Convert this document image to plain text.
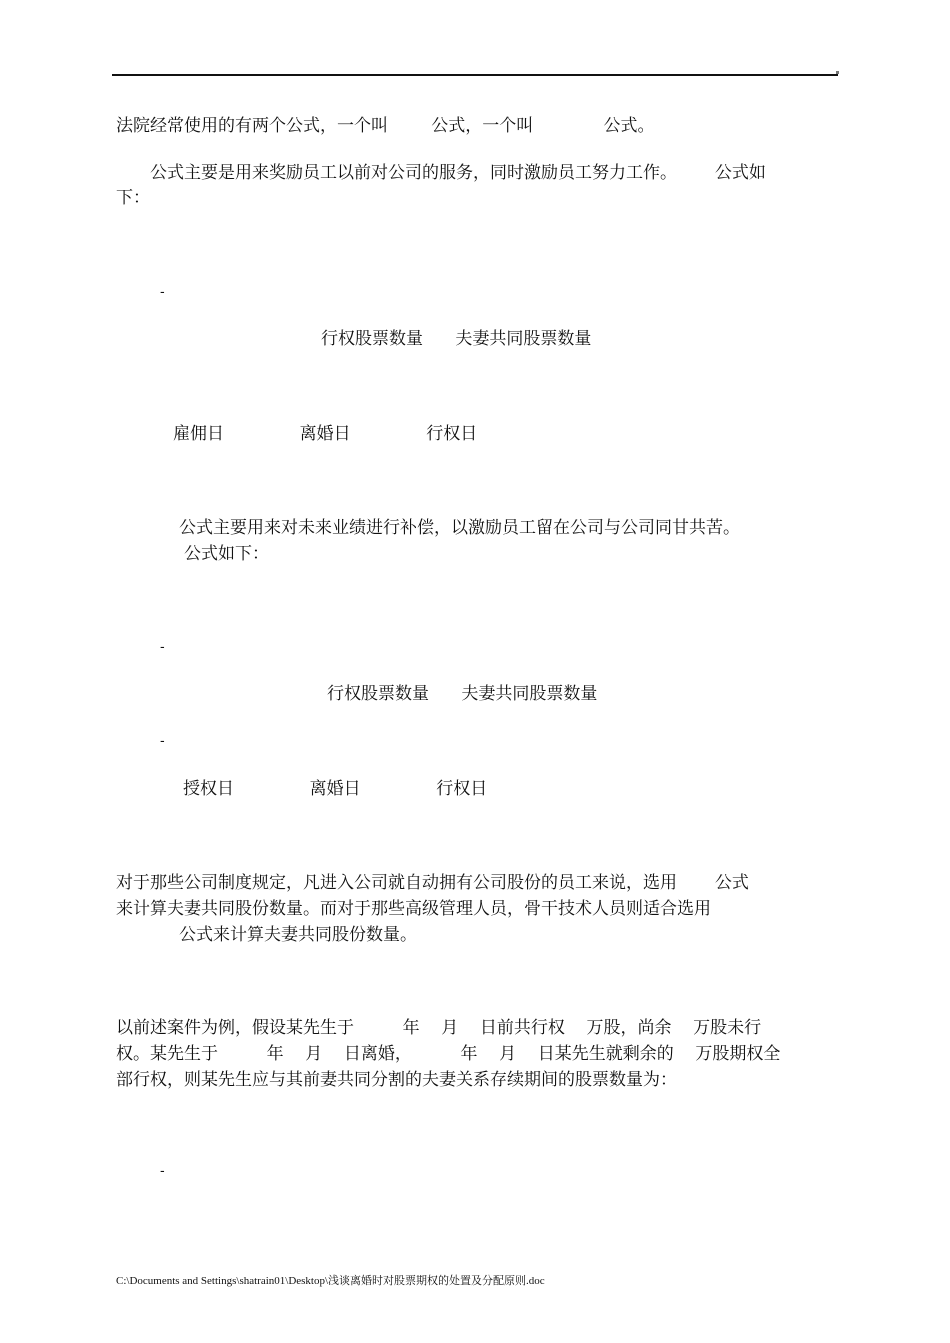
法院经常使用的有两个公式，一个叫        公式，一个叫             公式。
公式主要是用来奖励员工以前对公司的服务，同时激励员工努力工作。       公式如
下：
-
行权股票数量      夫妻共同股票数量
雇佣日              离婚日              行权日
公式主要用来对未来业绩进行补偿，以激励员工留在公司与公司同甘共苦。
公式如下：
-
行权股票数量      夫妻共同股票数量
-
授权日              离婚日              行权日
对于那些公司制度规定，凡进入公司就自动拥有公司股份的员工来说，选用       公式
来计算夫妻共同股份数量。而对于那些高级管理人员，骨干技术人员则适合选用
公式来计算夫妻共同股份数量。
以前述案件为例，假设某先生于         年    月    日前共行权    万股，尚余    万股未行
权。某先生于         年    月    日离婚，         年    月    日某先生就剩余的    万股期权全
部行权，则某先生应与其前妻共同分割的夫妻关系存续期间的股票数量为：
-
C:\Documents and Settings\shatrain01\Desktop\浅谈离婚时对股票期权的处置及分配原则.doc
